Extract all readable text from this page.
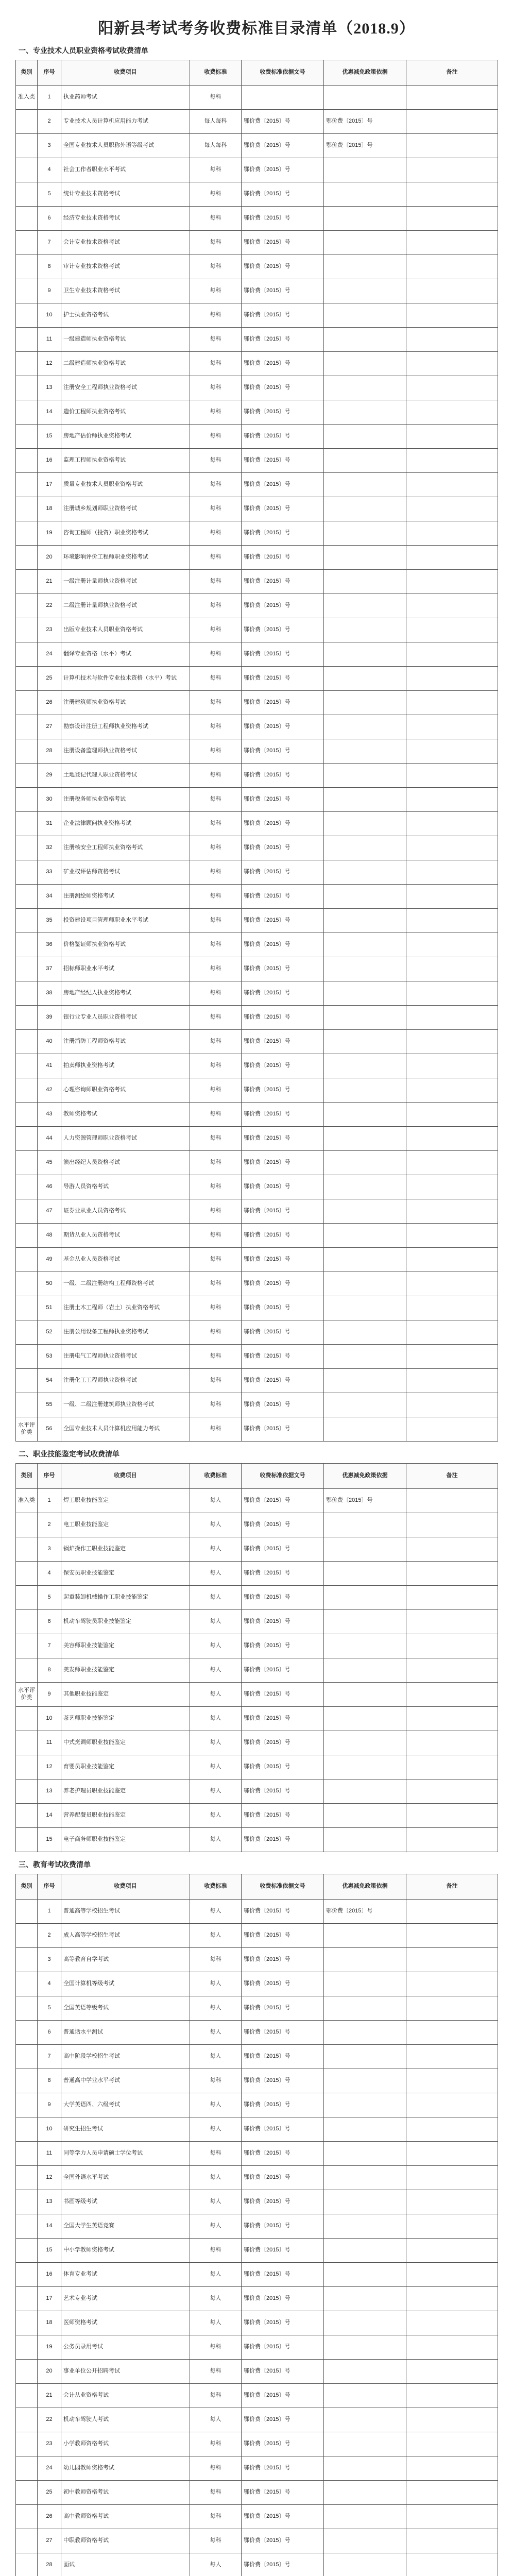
阳新县考试考务收费标准目录清单（2018.9）
一、专业技术人员职业资格考试收费清单
类别	序号	收费项目	收费标准	收费标准依据文号	优惠减免政策依据	备注
准入类	1	执业药师考试	每科			
	2	专业技术人员计算机应用能力考试	每人每科	鄂价费〔2015〕号	鄂价费〔2015〕号	
	3	全国专业技术人员职称外语等级考试	每人每科	鄂价费〔2015〕号	鄂价费〔2015〕号	
	4	社会工作者职业水平考试	每科	鄂价费〔2015〕号		
	5	统计专业技术资格考试	每科	鄂价费〔2015〕号		
	6	经济专业技术资格考试	每科	鄂价费〔2015〕号		
	7	会计专业技术资格考试	每科	鄂价费〔2015〕号		
	8	审计专业技术资格考试	每科	鄂价费〔2015〕号		
	9	卫生专业技术资格考试	每科	鄂价费〔2015〕号		
	10	护士执业资格考试	每科	鄂价费〔2015〕号		
	11	一级建造师执业资格考试	每科	鄂价费〔2015〕号		
	12	二级建造师执业资格考试	每科	鄂价费〔2015〕号		
	13	注册安全工程师执业资格考试	每科	鄂价费〔2015〕号		
	14	造价工程师执业资格考试	每科	鄂价费〔2015〕号		
	15	房地产估价师执业资格考试	每科	鄂价费〔2015〕号		
	16	监理工程师执业资格考试	每科	鄂价费〔2015〕号		
	17	质量专业技术人员职业资格考试	每科	鄂价费〔2015〕号		
	18	注册城乡规划师职业资格考试	每科	鄂价费〔2015〕号		
	19	咨询工程师（投资）职业资格考试	每科	鄂价费〔2015〕号		
	20	环境影响评价工程师职业资格考试	每科	鄂价费〔2015〕号		
	21	一级注册计量师执业资格考试	每科	鄂价费〔2015〕号		
	22	二级注册计量师执业资格考试	每科	鄂价费〔2015〕号		
	23	出版专业技术人员职业资格考试	每科	鄂价费〔2015〕号		
	24	翻译专业资格（水平）考试	每科	鄂价费〔2015〕号		
	25	计算机技术与软件专业技术资格（水平）考试	每科	鄂价费〔2015〕号		
	26	注册建筑师执业资格考试	每科	鄂价费〔2015〕号		
	27	勘察设计注册工程师执业资格考试	每科	鄂价费〔2015〕号		
	28	注册设备监理师执业资格考试	每科	鄂价费〔2015〕号		
	29	土地登记代理人职业资格考试	每科	鄂价费〔2015〕号		
	30	注册税务师执业资格考试	每科	鄂价费〔2015〕号		
	31	企业法律顾问执业资格考试	每科	鄂价费〔2015〕号		
	32	注册核安全工程师执业资格考试	每科	鄂价费〔2015〕号		
	33	矿业权评估师资格考试	每科	鄂价费〔2015〕号		
	34	注册测绘师资格考试	每科	鄂价费〔2015〕号		
	35	投资建设项目管理师职业水平考试	每科	鄂价费〔2015〕号		
	36	价格鉴证师执业资格考试	每科	鄂价费〔2015〕号		
	37	招标师职业水平考试	每科	鄂价费〔2015〕号		
	38	房地产经纪人执业资格考试	每科	鄂价费〔2015〕号		
	39	银行业专业人员职业资格考试	每科	鄂价费〔2015〕号		
	40	注册消防工程师资格考试	每科	鄂价费〔2015〕号		
	41	拍卖师执业资格考试	每科	鄂价费〔2015〕号		
	42	心理咨询师职业资格考试	每科	鄂价费〔2015〕号		
	43	教师资格考试	每科	鄂价费〔2015〕号		
	44	人力资源管理师职业资格考试	每科	鄂价费〔2015〕号		
	45	演出经纪人员资格考试	每科	鄂价费〔2015〕号		
	46	导游人员资格考试	每科	鄂价费〔2015〕号		
	47	证券业从业人员资格考试	每科	鄂价费〔2015〕号		
	48	期货从业人员资格考试	每科	鄂价费〔2015〕号		
	49	基金从业人员资格考试	每科	鄂价费〔2015〕号		
	50	一级、二级注册结构工程师资格考试	每科	鄂价费〔2015〕号		
	51	注册土木工程师（岩土）执业资格考试	每科	鄂价费〔2015〕号		
	52	注册公用设备工程师执业资格考试	每科	鄂价费〔2015〕号		
	53	注册电气工程师执业资格考试	每科	鄂价费〔2015〕号		
	54	注册化工工程师执业资格考试	每科	鄂价费〔2015〕号		
	55	一级、二级注册建筑师执业资格考试	每科	鄂价费〔2015〕号		
水平评价类	56	全国专业技术人员计算机应用能力考试	每科	鄂价费〔2015〕号		
二、职业技能鉴定考试收费清单
类别	序号	收费项目	收费标准	收费标准依据文号	优惠减免政策依据	备注
准入类	1	焊工职业技能鉴定	每人	鄂价费〔2015〕号	鄂价费〔2015〕号	
	2	电工职业技能鉴定	每人	鄂价费〔2015〕号		
	3	锅炉操作工职业技能鉴定	每人	鄂价费〔2015〕号		
	4	保安员职业技能鉴定	每人	鄂价费〔2015〕号		
	5	起重装卸机械操作工职业技能鉴定	每人	鄂价费〔2015〕号		
	6	机动车驾驶员职业技能鉴定	每人	鄂价费〔2015〕号		
	7	美容师职业技能鉴定	每人	鄂价费〔2015〕号		
	8	美发师职业技能鉴定	每人	鄂价费〔2015〕号		
水平评价类	9	其他职业技能鉴定	每人	鄂价费〔2015〕号		
	10	茶艺师职业技能鉴定	每人	鄂价费〔2015〕号		
	11	中式烹调师职业技能鉴定	每人	鄂价费〔2015〕号		
	12	育婴员职业技能鉴定	每人	鄂价费〔2015〕号		
	13	养老护理员职业技能鉴定	每人	鄂价费〔2015〕号		
	14	营养配餐员职业技能鉴定	每人	鄂价费〔2015〕号		
	15	电子商务师职业技能鉴定	每人	鄂价费〔2015〕号		
三、教育考试收费清单
类别	序号	收费项目	收费标准	收费标准依据文号	优惠减免政策依据	备注
	1	普通高等学校招生考试	每人	鄂价费〔2015〕号	鄂价费〔2015〕号	
	2	成人高等学校招生考试	每人	鄂价费〔2015〕号		
	3	高等教育自学考试	每科	鄂价费〔2015〕号		
	4	全国计算机等级考试	每人	鄂价费〔2015〕号		
	5	全国英语等级考试	每人	鄂价费〔2015〕号		
	6	普通话水平测试	每人	鄂价费〔2015〕号		
	7	高中阶段学校招生考试	每人	鄂价费〔2015〕号		
	8	普通高中学业水平考试	每科	鄂价费〔2015〕号		
	9	大学英语四、六级考试	每人	鄂价费〔2015〕号		
	10	研究生招生考试	每人	鄂价费〔2015〕号		
	11	同等学力人员申请硕士学位考试	每科	鄂价费〔2015〕号		
	12	全国外语水平考试	每人	鄂价费〔2015〕号		
	13	书画等级考试	每人	鄂价费〔2015〕号		
	14	全国大学生英语竞赛	每人	鄂价费〔2015〕号		
	15	中小学教师资格考试	每科	鄂价费〔2015〕号		
	16	体育专业考试	每人	鄂价费〔2015〕号		
	17	艺术专业考试	每人	鄂价费〔2015〕号		
	18	医师资格考试	每人	鄂价费〔2015〕号		
	19	公务员录用考试	每科	鄂价费〔2015〕号		
	20	事业单位公开招聘考试	每科	鄂价费〔2015〕号		
	21	会计从业资格考试	每科	鄂价费〔2015〕号		
	22	机动车驾驶人考试	每人	鄂价费〔2015〕号		
	23	小学教师资格考试	每科	鄂价费〔2015〕号		
	24	幼儿园教师资格考试	每科	鄂价费〔2015〕号		
	25	初中教师资格考试	每科	鄂价费〔2015〕号		
	26	高中教师资格考试	每科	鄂价费〔2015〕号		
	27	中职教师资格考试	每科	鄂价费〔2015〕号		
	28	面试	每人	鄂价费〔2015〕号		
